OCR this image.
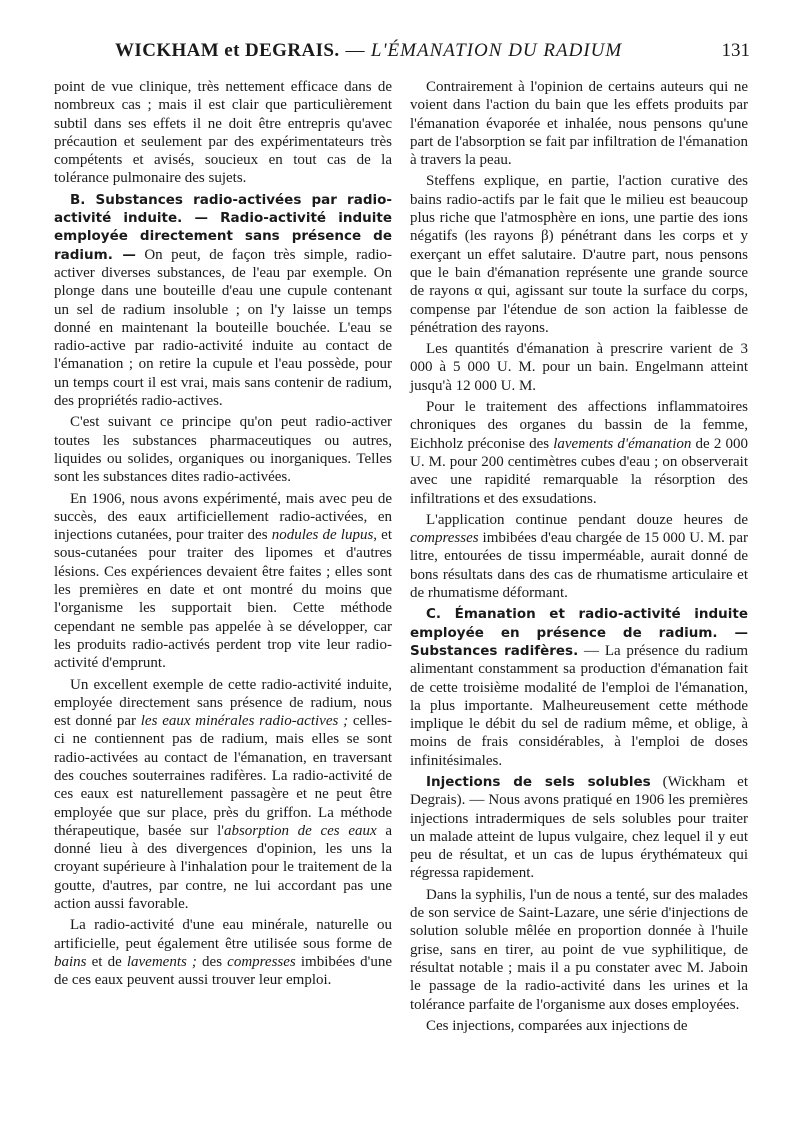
WICKHAM et DEGRAIS. — L'ÉMANATION DU RADIUM	131

point de vue clinique, très nettement efficace dans de nombreux cas ; mais il est clair que particulièrement subtil dans ses effets il ne doit être entrepris qu'avec précaution et seulement par des expérimentateurs très compétents et avisés, soucieux en tout cas de la tolérance pulmonaire des sujets.

B. Substances radio-activées par radio-activité induite. — Radio-activité induite employée directement sans présence de radium. — On peut, de façon très simple, radio-activer diverses substances, de l'eau par exemple. On plonge dans une bouteille d'eau une cupule contenant un sel de radium insoluble ; on l'y laisse un temps donné en maintenant la bouteille bouchée. L'eau se radio-active par radio-activité induite au contact de l'émanation ; on retire la cupule et l'eau possède, pour un temps court il est vrai, mais sans contenir de radium, des propriétés radio-actives.

C'est suivant ce principe qu'on peut radio-activer toutes les substances pharmaceutiques ou autres, liquides ou solides, organiques ou inorganiques. Telles sont les substances dites radio-activées.

En 1906, nous avons expérimenté, mais avec peu de succès, des eaux artificiellement radio-activées, en injections cutanées, pour traiter des nodules de lupus, et sous-cutanées pour traiter des lipomes et d'autres lésions. Ces expériences devaient être faites ; elles sont les premières en date et ont montré du moins que l'organisme les supportait bien. Cette méthode cependant ne semble pas appelée à se développer, car les produits radio-activés perdent trop vite leur radio-activité d'emprunt.

Un excellent exemple de cette radio-activité induite, employée directement sans présence de radium, nous est donné par les eaux minérales radio-actives ; celles-ci ne contiennent pas de radium, mais elles se sont radio-activées au contact de l'émanation, en traversant des couches souterraines radifères. La radio-activité de ces eaux est naturellement passagère et ne peut être employée que sur place, près du griffon. La méthode thérapeutique, basée sur l'absorption de ces eaux a donné lieu à des divergences d'opinion, les uns la croyant supérieure à l'inhalation pour le traitement de la goutte, d'autres, par contre, ne lui accordant pas une action aussi favorable.

La radio-activité d'une eau minérale, naturelle ou artificielle, peut également être utilisée sous forme de bains et de lavements ; des compresses imbibées d'une de ces eaux peuvent aussi trouver leur emploi.

Contrairement à l'opinion de certains auteurs qui ne voient dans l'action du bain que les effets produits par l'émanation évaporée et inhalée, nous pensons qu'une part de l'absorption se fait par infiltration de l'émanation à travers la peau.

Steffens explique, en partie, l'action curative des bains radio-actifs par le fait que le milieu est beaucoup plus riche que l'atmosphère en ions, une partie des ions négatifs (les rayons β) pénétrant dans les corps et y exerçant un effet salutaire. D'autre part, nous pensons que le bain d'émanation représente une grande source de rayons α qui, agissant sur toute la surface du corps, compense par l'étendue de son action la faiblesse de pénétration des rayons.

Les quantités d'émanation à prescrire varient de 3 000 à 5 000 U. M. pour un bain. Engelmann atteint jusqu'à 12 000 U. M.

Pour le traitement des affections inflammatoires chroniques des organes du bassin de la femme, Eichholz préconise des lavements d'émanation de 2 000 U. M. pour 200 centimètres cubes d'eau ; on observerait avec une rapidité remarquable la résorption des infiltrations et des exsudations.

L'application continue pendant douze heures de compresses imbibées d'eau chargée de 15 000 U. M. par litre, entourées de tissu imperméable, aurait donné de bons résultats dans des cas de rhumatisme articulaire et de rhumatisme déformant.

C. Émanation et radio-activité induite employée en présence de radium. — Substances radifères. — La présence du radium alimentant constamment sa production d'émanation fait de cette troisième modalité de l'emploi de l'émanation, la plus importante. Malheureusement cette méthode implique le débit du sel de radium même, et oblige, à moins de frais considérables, à l'emploi de doses infinitésimales.

Injections de sels solubles (Wickham et Degrais). — Nous avons pratiqué en 1906 les premières injections intradermiques de sels solubles pour traiter un malade atteint de lupus vulgaire, chez lequel il y eut peu de résultat, et un cas de lupus érythémateux qui régressa rapidement.

Dans la syphilis, l'un de nous a tenté, sur des malades de son service de Saint-Lazare, une série d'injections de solution soluble mêlée en proportion donnée à l'huile grise, sans en tirer, au point de vue syphilitique, de résultat notable ; mais il a pu constater avec M. Jaboin le passage de la radio-activité dans les urines et la tolérance parfaite de l'organisme aux doses employées.

Ces injections, comparées aux injections de
